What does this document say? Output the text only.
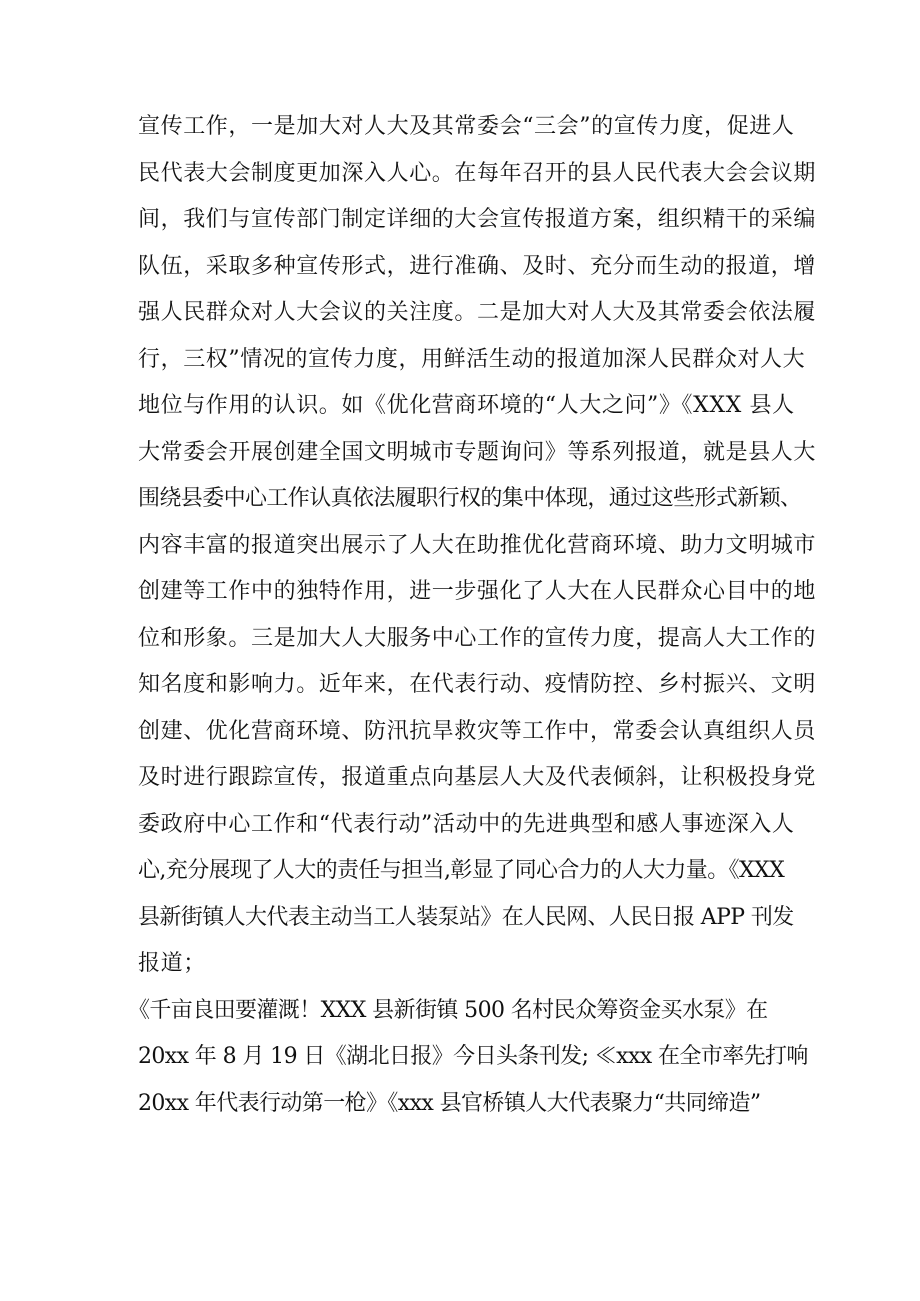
宣传工作，一是加大对人大及其常委会“三会”的宣传力度，促进人
民代表大会制度更加深入人心。在每年召开的县人民代表大会会议期
间，我们与宣传部门制定详细的大会宣传报道方案，组织精干的采编
队伍，采取多种宣传形式，进行准确、及时、充分而生动的报道，增
强人民群众对人大会议的关注度。二是加大对人大及其常委会依法履
行，三权”情况的宣传力度，用鲜活生动的报道加深人民群众对人大
地位与作用的认识。如《优化营商环境的“人大之问”》《XXX 县人
大常委会开展创建全国文明城市专题询问》等系列报道，就是县人大
围绕县委中心工作认真依法履职行权的集中体现，通过这些形式新颖、
内容丰富的报道突出展示了人大在助推优化营商环境、助力文明城市
创建等工作中的独特作用，进一步强化了人大在人民群众心目中的地
位和形象。三是加大人大服务中心工作的宣传力度，提高人大工作的
知名度和影响力。近年来，在代表行动、疫情防控、乡村振兴、文明
创建、优化营商环境、防汛抗旱救灾等工作中，常委会认真组织人员
及时进行跟踪宣传，报道重点向基层人大及代表倾斜，让积极投身党
委政府中心工作和“代表行动”活动中的先进典型和感人事迹深入人
心,充分展现了人大的责任与担当,彰显了同心合力的人大力量。《XXX
县新街镇人大代表主动当工人装泵站》在人民网、人民日报 APP 刊发
报道；
《千亩良田要灌溉！XXX 县新街镇 500 名村民众筹资金买水泵》在
20xx 年 8 月 19 日《湖北日报》今日头条刊发; ≪xxx 在全市率先打响
20xx 年代表行动第一枪》《xxx 县官桥镇人大代表聚力“共同缔造”
